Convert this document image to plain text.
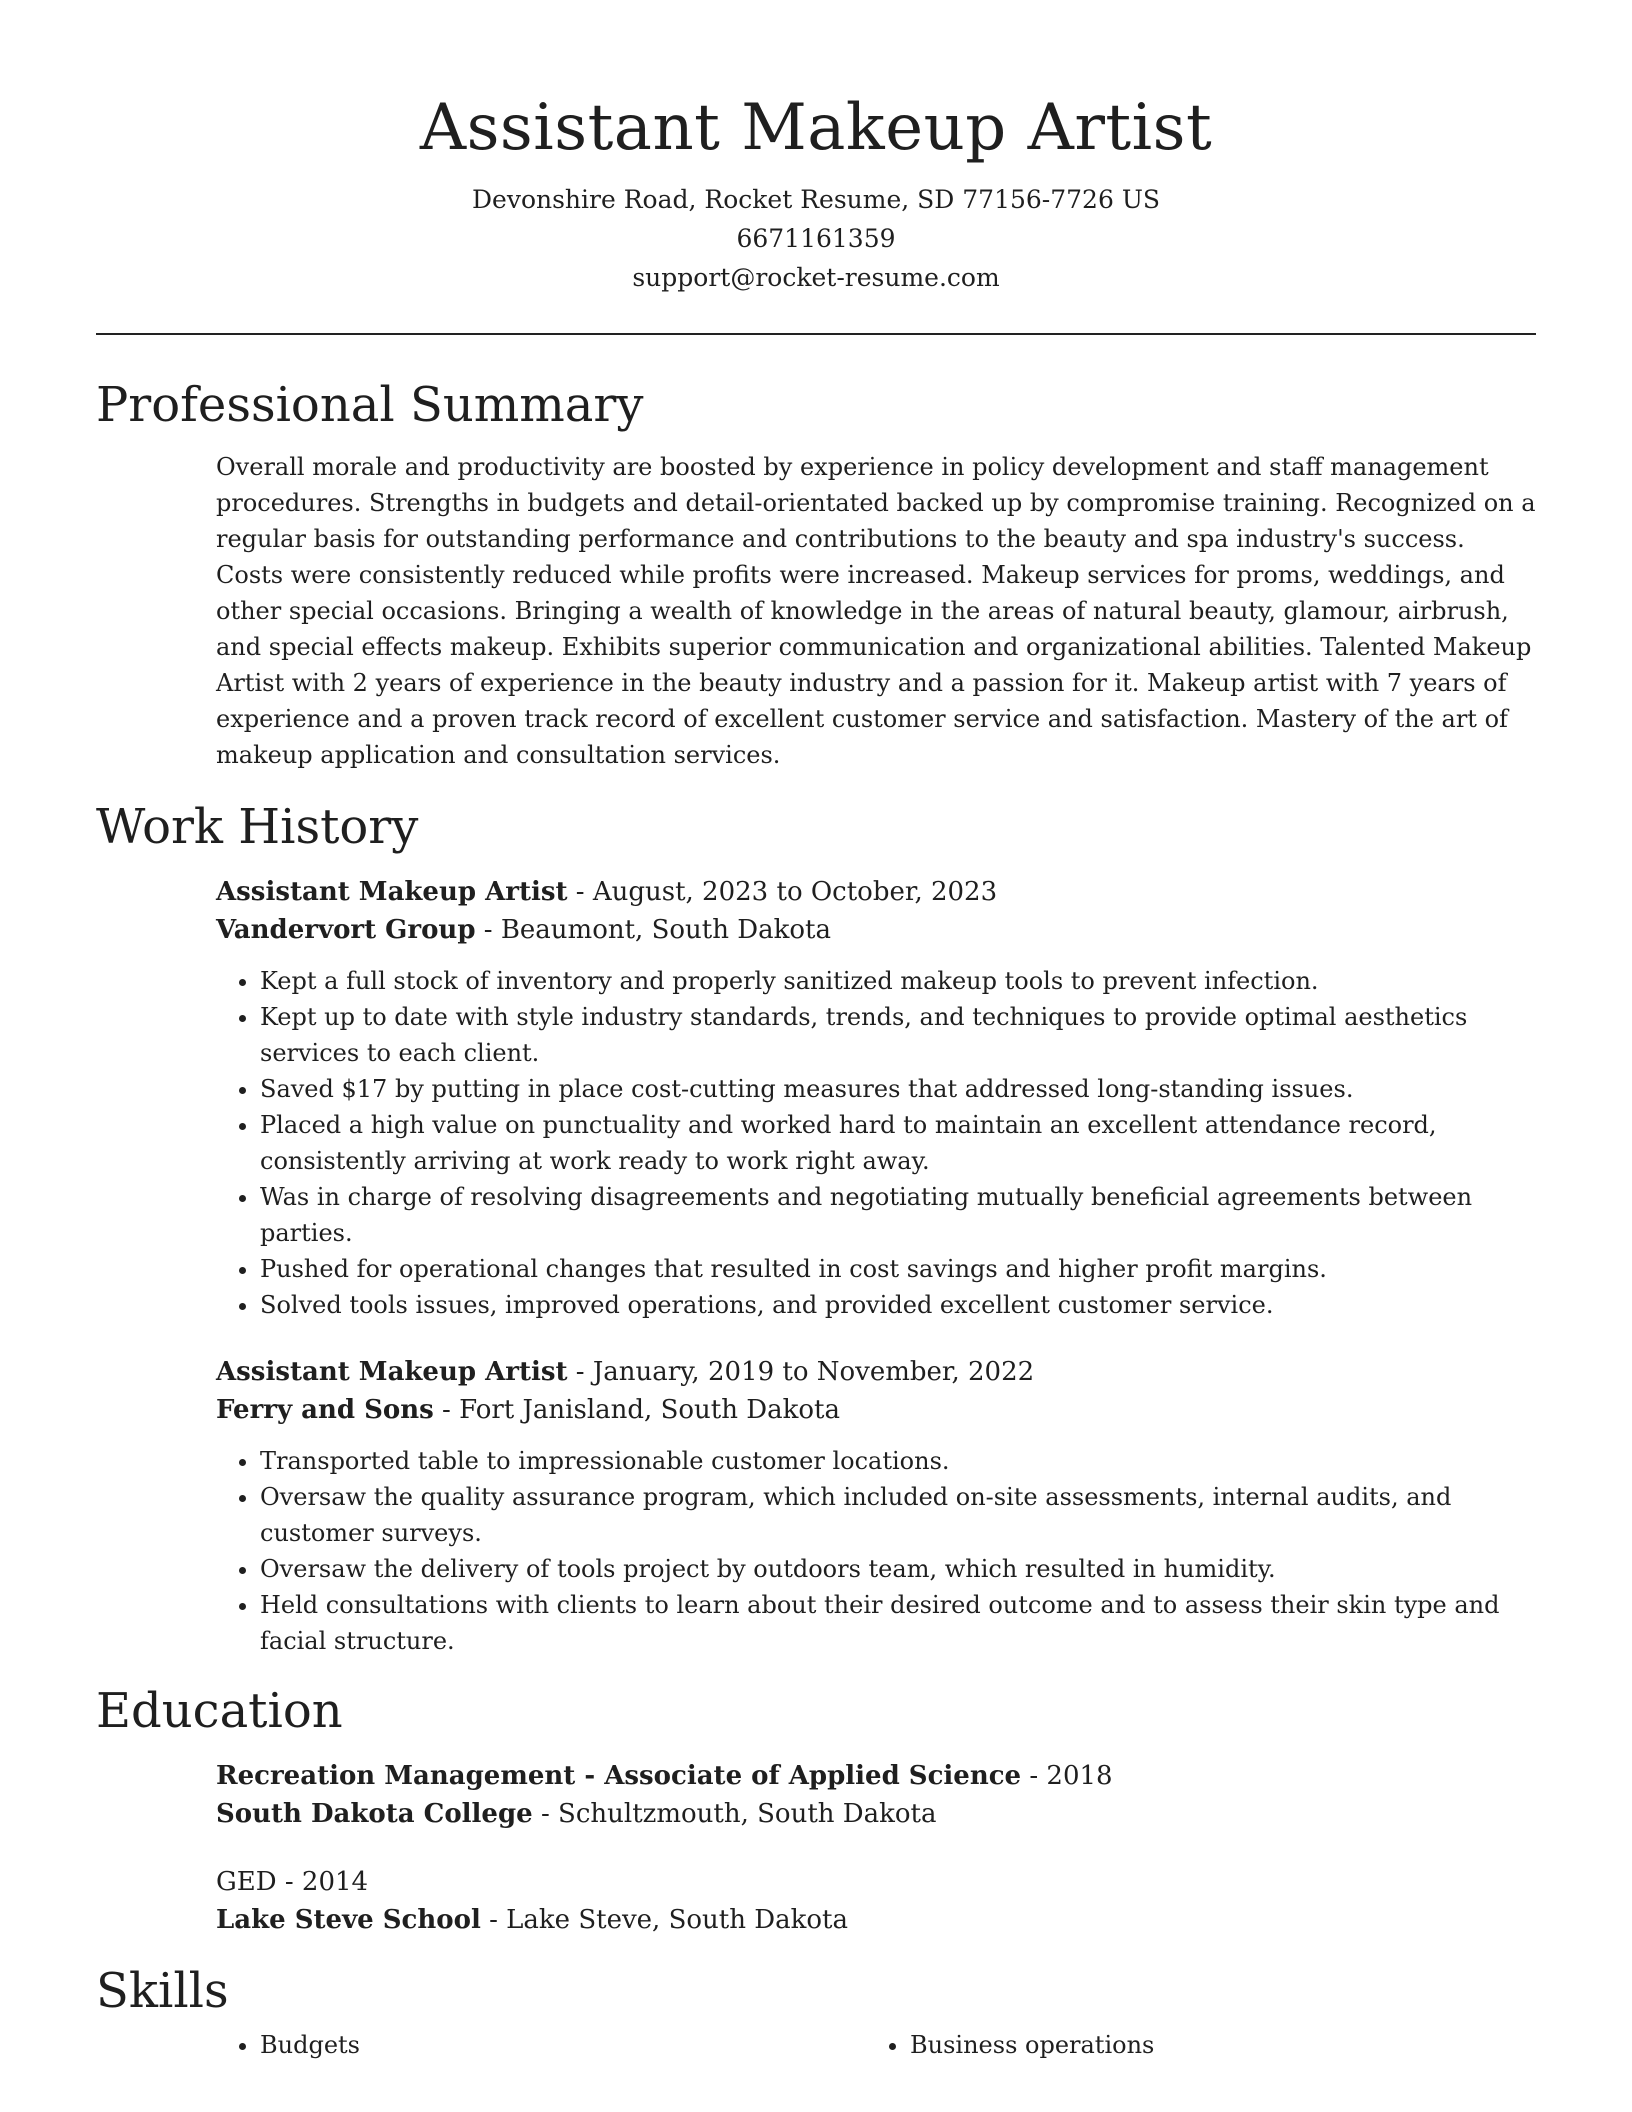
Assistant Makeup Artist

Devonshire Road, Rocket Resume, SD 77156-7726 US

6671161359

support@rocket-resume.com

Professional Summary

Overall morale and productivity are boosted by experience in policy development and staff management procedures. Strengths in budgets and detail-orientated backed up by compromise training. Recognized on a regular basis for outstanding performance and contributions to the beauty and spa industry's success. Costs were consistently reduced while profits were increased. Makeup services for proms, weddings, and other special occasions. Bringing a wealth of knowledge in the areas of natural beauty, glamour, airbrush, and special effects makeup. Exhibits superior communication and organizational abilities. Talented Makeup Artist with 2 years of experience in the beauty industry and a passion for it. Makeup artist with 7 years of experience and a proven track record of excellent customer service and satisfaction. Mastery of the art of makeup application and consultation services.

Work History

Assistant Makeup Artist - August, 2023 to October, 2023

Vandervort Group - Beaumont, South Dakota

• Kept a full stock of inventory and properly sanitized makeup tools to prevent infection.
• Kept up to date with style industry standards, trends, and techniques to provide optimal aesthetics services to each client.
• Saved $17 by putting in place cost-cutting measures that addressed long-standing issues.
• Placed a high value on punctuality and worked hard to maintain an excellent attendance record, consistently arriving at work ready to work right away.
• Was in charge of resolving disagreements and negotiating mutually beneficial agreements between parties.
• Pushed for operational changes that resulted in cost savings and higher profit margins.
• Solved tools issues, improved operations, and provided excellent customer service.

Assistant Makeup Artist - January, 2019 to November, 2022

Ferry and Sons - Fort Janisland, South Dakota

• Transported table to impressionable customer locations.
• Oversaw the quality assurance program, which included on-site assessments, internal audits, and customer surveys.
• Oversaw the delivery of tools project by outdoors team, which resulted in humidity.
• Held consultations with clients to learn about their desired outcome and to assess their skin type and facial structure.
Education

Recreation Management - Associate of Applied Science - 2018

South Dakota College - Schultzmouth, South Dakota

GED - 2014

Lake Steve School - Lake Steve, South Dakota

Skills
• Budgets
•	Business operations
